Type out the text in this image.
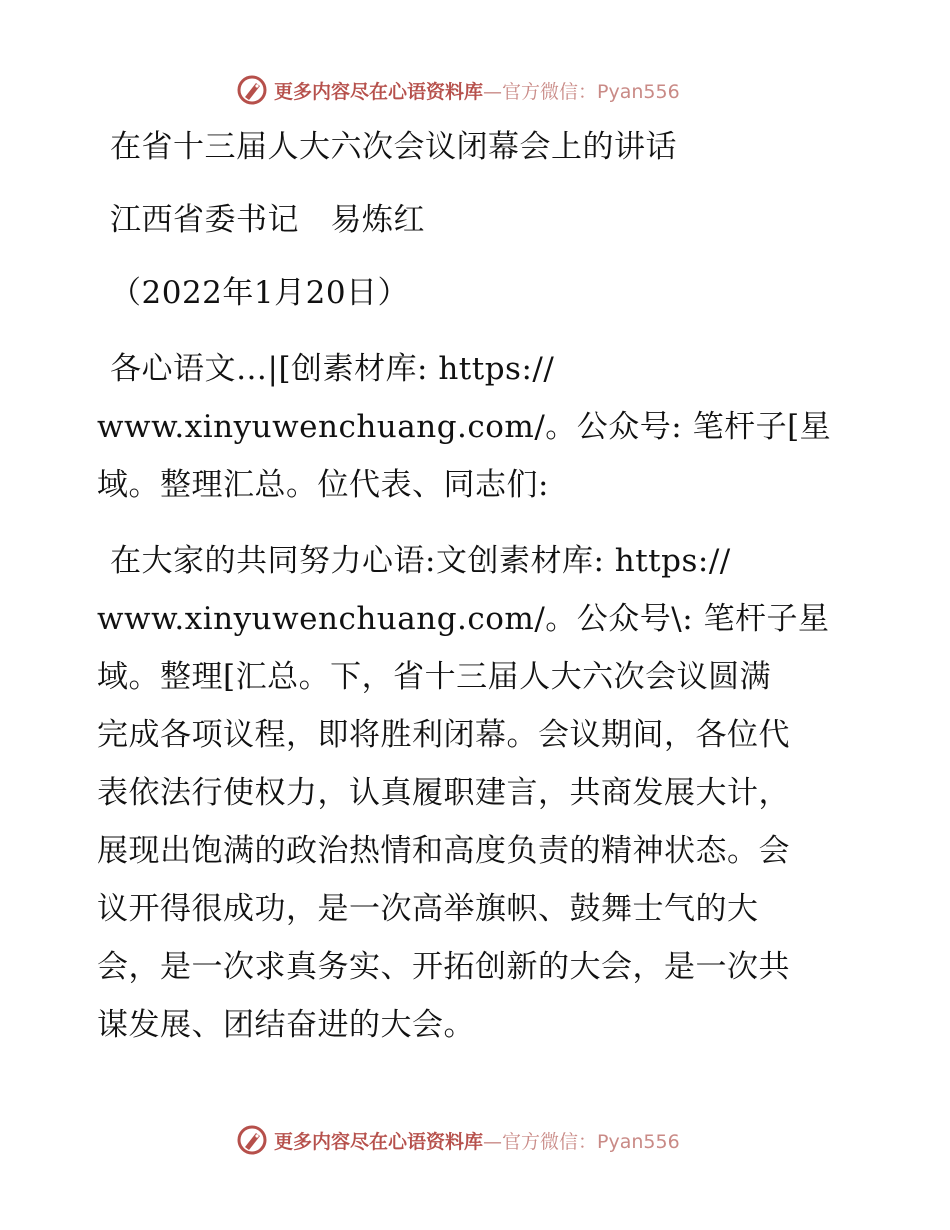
更多内容尽在心语资料库—官方微信：Pyan556
在省十三届人大六次会议闭幕会上的讲话
江西省委书记　易炼红
（2022年1月20日）
各心语文…|[创素材库: https://
www.xinyuwenchuang.com/。公众号: 笔杆子[星
域。整理汇总。位代表、同志们:
在大家的共同努力心语:文创素材库: https://
www.xinyuwenchuang.com/。公众号\: 笔杆子星
域。整理[汇总。下，省十三届人大六次会议圆满
完成各项议程，即将胜利闭幕。会议期间，各位代
表依法行使权力，认真履职建言，共商发展大计，
展现出饱满的政治热情和高度负责的精神状态。会
议开得很成功，是一次高举旗帜、鼓舞士气的大
会，是一次求真务实、开拓创新的大会，是一次共
谋发展、团结奋进的大会。
更多内容尽在心语资料库—官方微信：Pyan556
